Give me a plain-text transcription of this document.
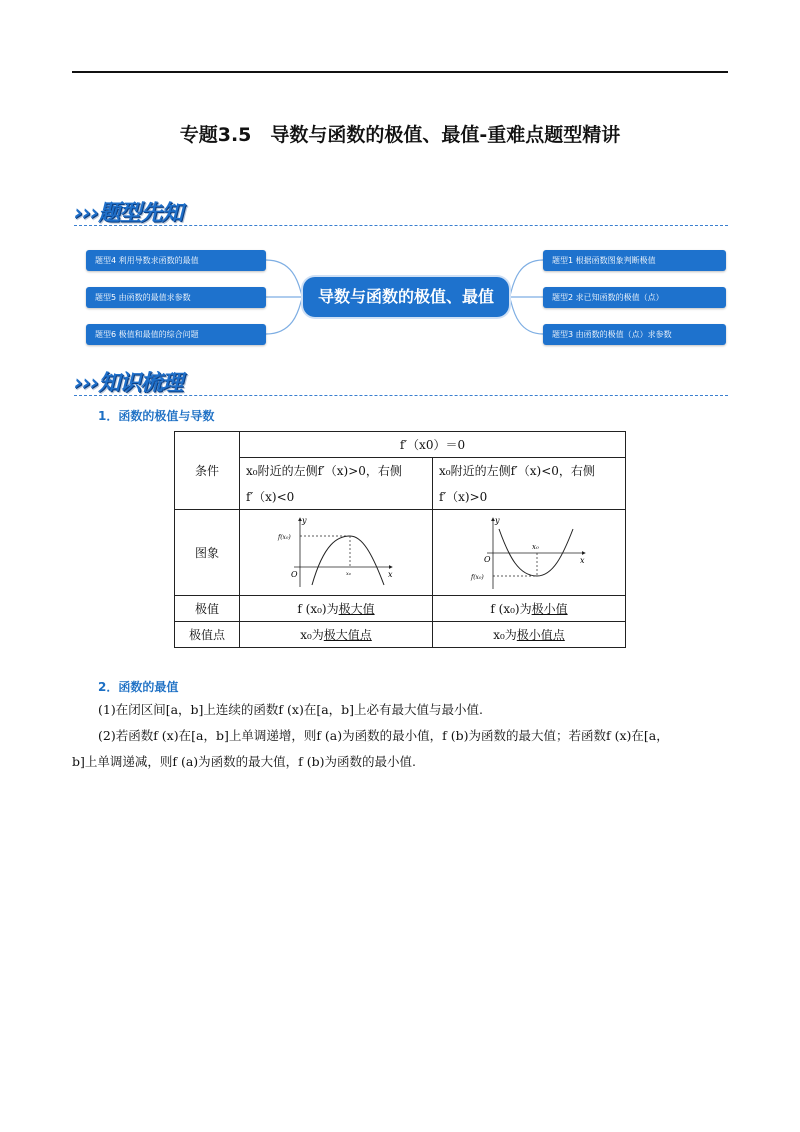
专题3.5　导数与函数的极值、最值-重难点题型精讲
›››题型先知
题型4 利用导数求函数的最值
题型5 由函数的最值求参数
题型6 极值和最值的综合问题
导数与函数的极值、最值
题型1 根据函数图象判断极值
题型2 求已知函数的极值（点）
题型3 由函数的极值（点）求参数
›››知识梳理
1．函数的极值与导数
条件	f′（x0）＝0	
	x₀附近的左侧f′（x)>0，右侧	x₀附近的左侧f′（x)<0，右侧
	f′（x)<0	f′（x)>0
图象	y
x
O
f(x₀)
x₀	y
x
O
f(x₀)
x₀

极值	f (x₀)为极大值	f (x₀)为极小值
极值点	x₀为极大值点	x₀为极小值点
2．函数的最值
(1)在闭区间[a，b]上连续的函数f (x)在[a，b]上必有最大值与最小值.
(2)若函数f (x)在[a，b]上单调递增，则f (a)为函数的最小值，f (b)为函数的最大值；若函数f (x)在[a，
b]上单调递减，则f (a)为函数的最大值，f (b)为函数的最小值.
